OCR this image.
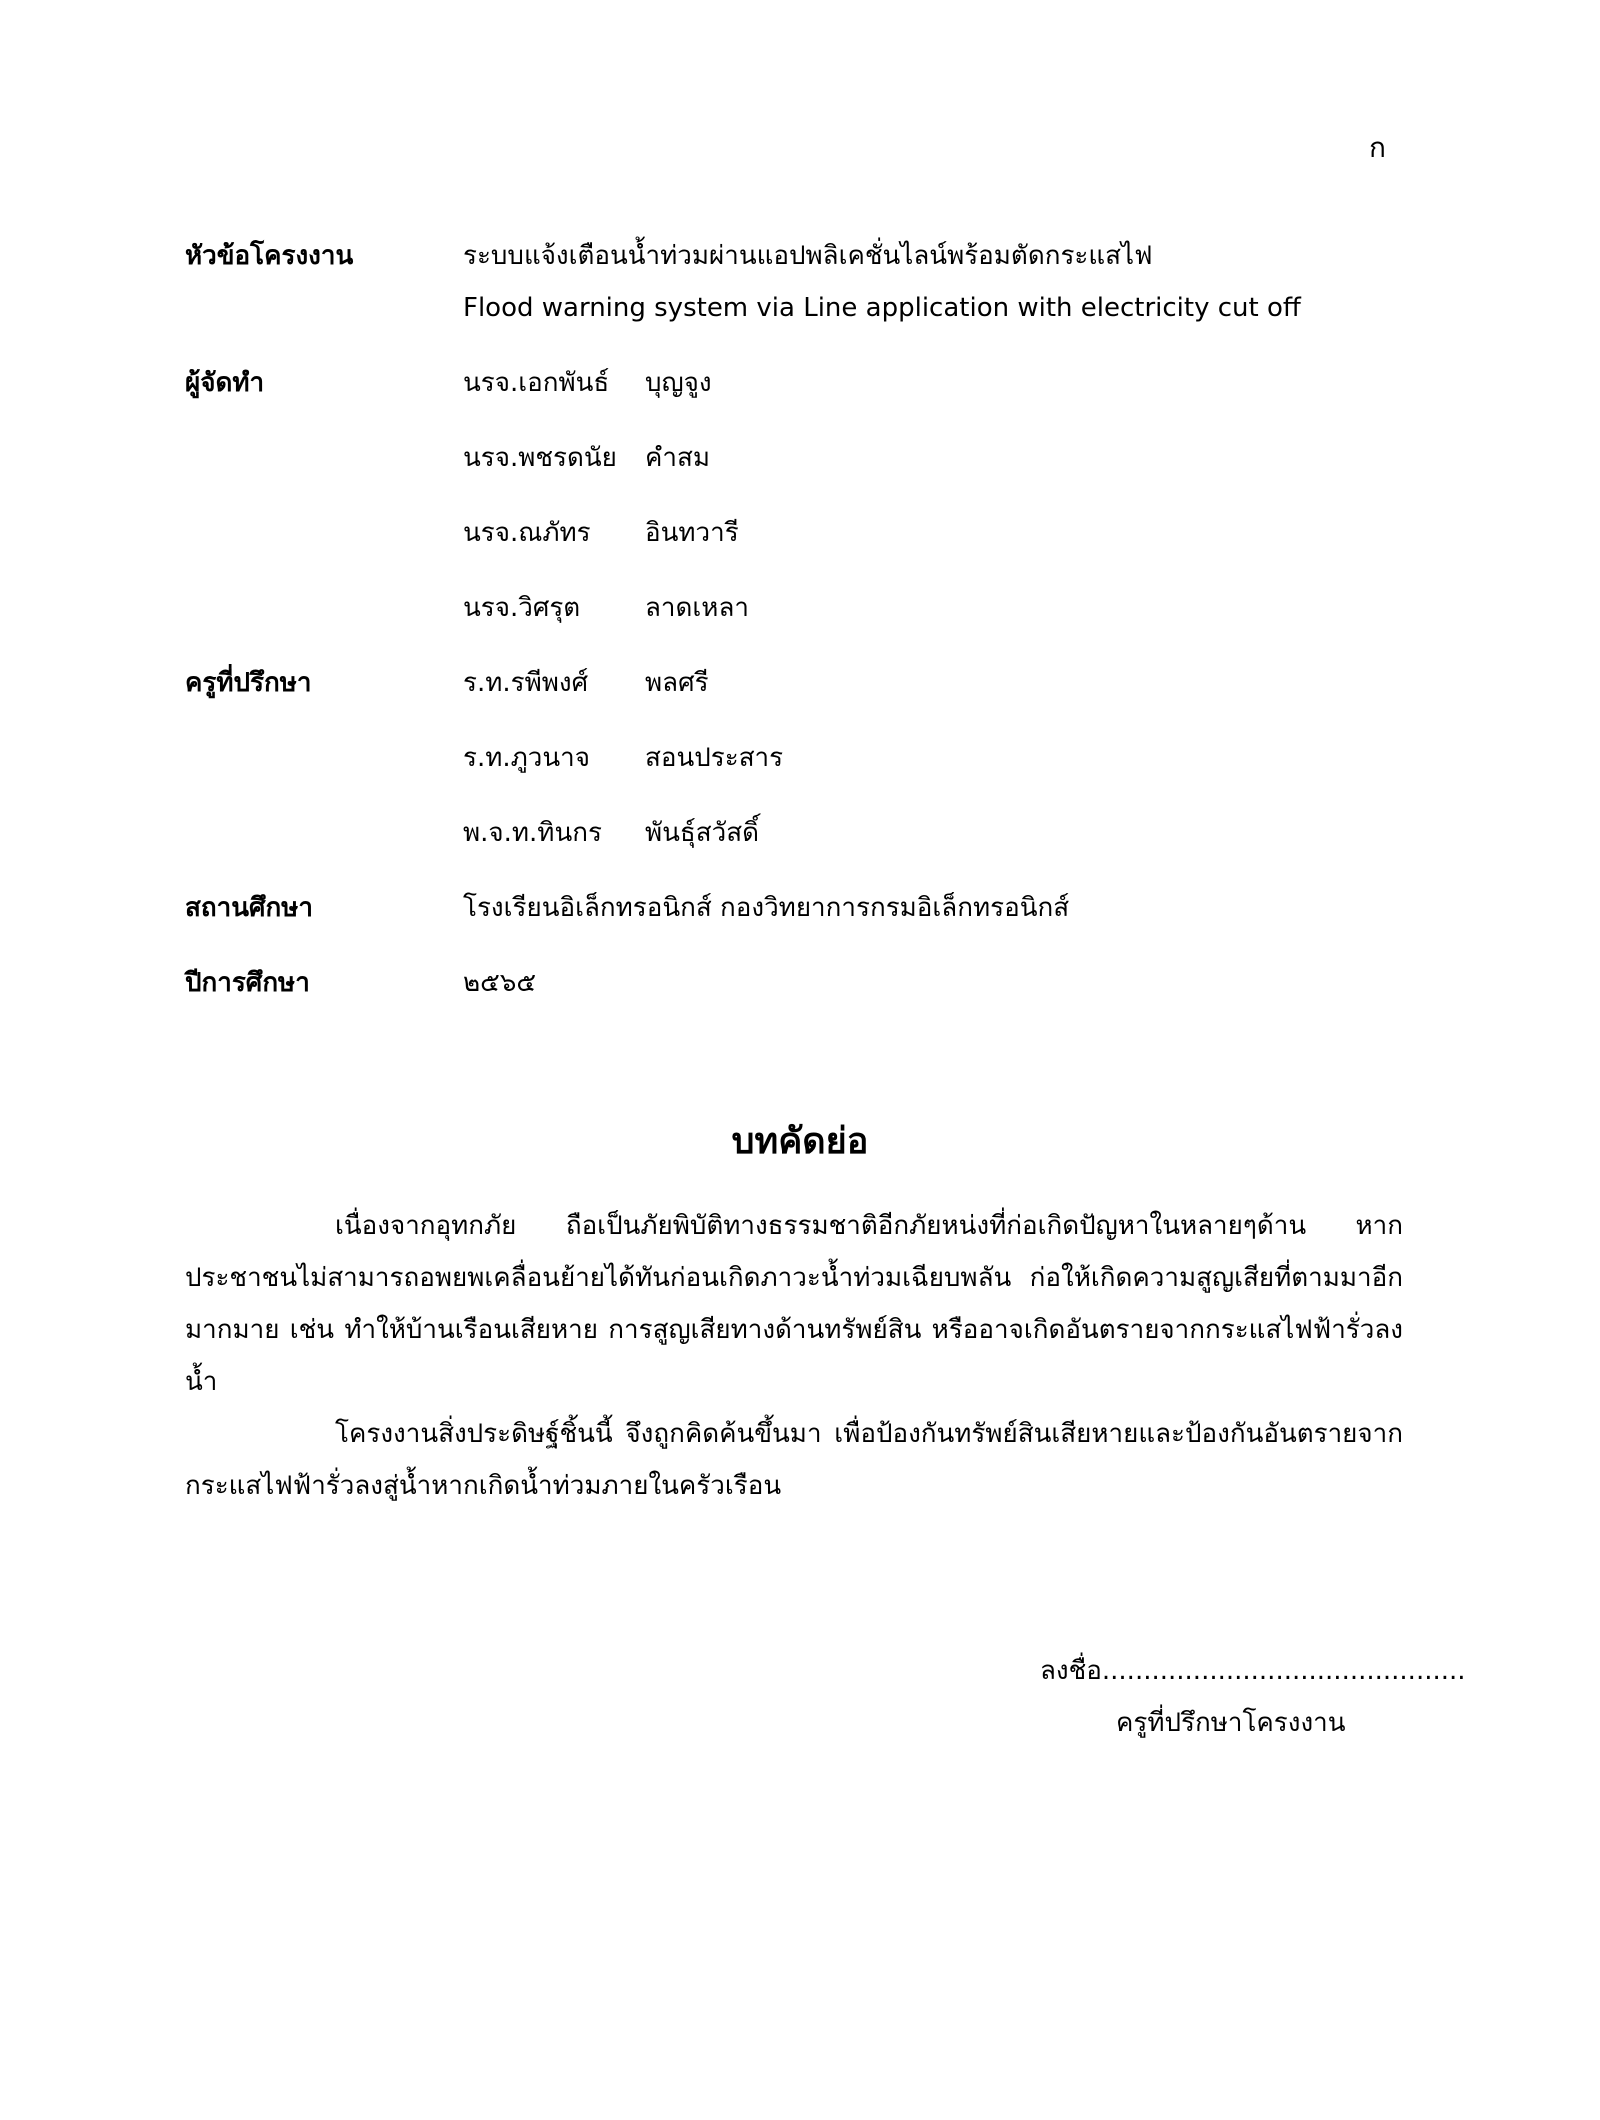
ก
หัวข้อโครงงาน	ระบบแจ้งเตือนน้ำท่วมผ่านแอปพลิเคชั่นไลน์พร้อมตัดกระแสไฟ
Flood warning system via Line application with electricity cut off
ผู้จัดทำ	นรจ.เอกพันธ์	บุญจูง
นรจ.พชรดนัย	คำสม
นรจ.ณภัทร	อินทวารี
นรจ.วิศรุต	ลาดเหลา
ครูที่ปรึกษา	ร.ท.รพีพงศ์	พลศรี
ร.ท.ภูวนาจ	สอนประสาร
พ.จ.ท.ทินกร	พันธุ์สวัสดิ์
สถานศึกษา	โรงเรียนอิเล็กทรอนิกส์ กองวิทยาการกรมอิเล็กทรอนิกส์
ปีการศึกษา	๒๕๖๕
บทคัดย่อ

เนื่องจากอุทกภัย ถือเป็นภัยพิบัติทางธรรมชาติอีกภัยหน่งที่ก่อเกิดปัญหาในหลายๆด้าน หากประชาชนไม่สามารถอพยพเคลื่อนย้ายได้ทันก่อนเกิดภาวะน้ำท่วมเฉียบพลัน ก่อให้เกิดความสูญเสียที่ตามมาอีกมากมาย เช่น ทำให้บ้านเรือนเสียหาย การสูญเสียทางด้านทรัพย์สิน หรืออาจเกิดอันตรายจากกระแสไฟฟ้ารั่วลงน้ำ

โครงงานสิ่งประดิษฐ์ชิ้นนี้ จึงถูกคิดค้นขึ้นมา เพื่อป้องกันทรัพย์สินเสียหายและป้องกันอันตรายจากกระแสไฟฟ้ารั่วลงสู่น้ำหากเกิดน้ำท่วมภายในครัวเรือน

ลงชื่อ............................................
ครูที่ปรึกษาโครงงาน
